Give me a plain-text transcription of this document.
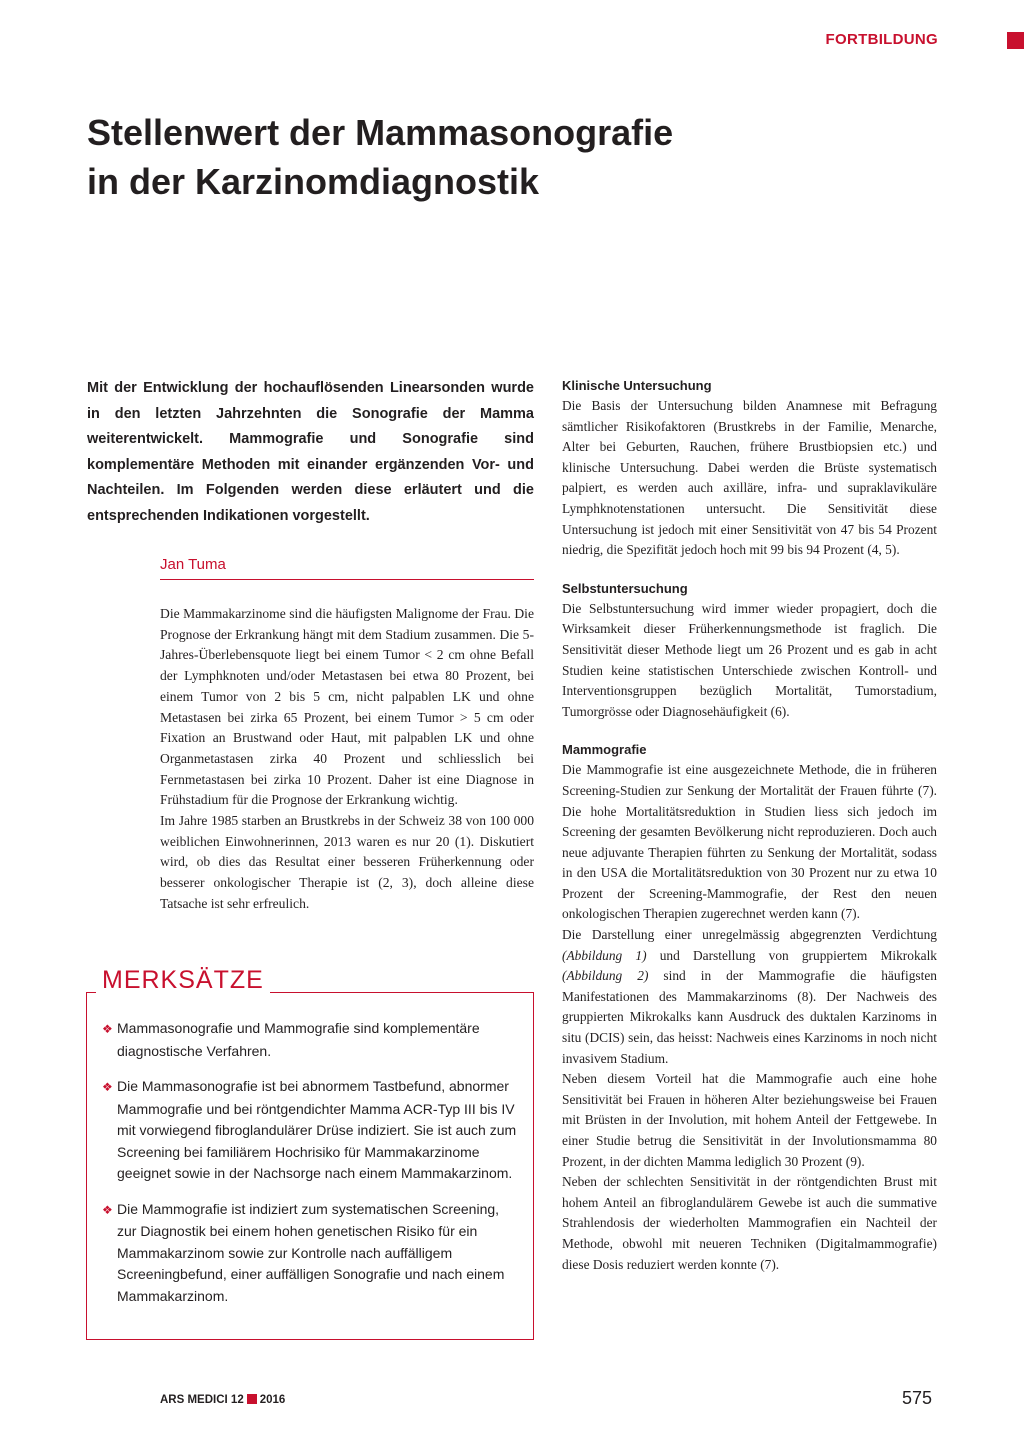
FORTBILDUNG
Stellenwert der Mammasonografie
in der Karzinomdiagnostik

Mit der Entwicklung der hochauflösenden Linearsonden wurde in den letzten Jahrzehnten die Sonografie der Mamma weiterentwickelt. Mammografie und Sonografie sind komplementäre Methoden mit einander ergänzenden Vor- und Nachteilen. Im Folgenden werden diese erläutert und die entsprechenden Indikationen vorgestellt.

Jan Tuma

Die Mammakarzinome sind die häufigsten Malignome der Frau. Die Prognose der Erkrankung hängt mit dem Stadium zusammen. Die 5-Jahres-Überlebensquote liegt bei einem Tumor < 2 cm ohne Befall der Lymphknoten und/oder Metastasen bei etwa 80 Prozent, bei einem Tumor von 2 bis 5 cm, nicht palpablen LK und ohne Metastasen bei zirka 65 Prozent, bei einem Tumor > 5 cm oder Fixation an Brustwand oder Haut, mit palpablen LK und ohne Organmetastasen zirka 40 Prozent und schliesslich bei Fernmetastasen bei zirka 10 Prozent. Daher ist eine Diagnose in Frühstadium für die Prognose der Erkrankung wichtig.

Im Jahre 1985 starben an Brustkrebs in der Schweiz 38 von 100 000 weiblichen Einwohnerinnen, 2013 waren es nur 20 (1). Diskutiert wird, ob dies das Resultat einer besseren Früherkennung oder besserer onkologischer Therapie ist (2, 3), doch alleine diese Tatsache ist sehr erfreulich.

MERKSÄTZE
❖ Mammasonografie und Mammografie sind komplementäre diagnostische Verfahren.
❖ Die Mammasonografie ist bei abnormem Tastbefund, abnormer Mammografie und bei röntgendichter Mamma ACR-Typ III bis IV mit vorwiegend fibroglandulärer Drüse indiziert. Sie ist auch zum Screening bei familiärem Hochrisiko für Mammakarzinome geeignet sowie in der Nachsorge nach einem Mammakarzinom.
❖ Die Mammografie ist indiziert zum systematischen Screening, zur Diagnostik bei einem hohen genetischen Risiko für ein Mammakarzinom sowie zur Kontrolle nach auffälligem Screeningbefund, einer auffälligen Sonografie und nach einem Mammakarzinom.
Klinische Untersuchung

Die Basis der Untersuchung bilden Anamnese mit Befragung sämtlicher Risikofaktoren (Brustkrebs in der Familie, Menarche, Alter bei Geburten, Rauchen, frühere Brustbiopsien etc.) und klinische Untersuchung. Dabei werden die Brüste systematisch palpiert, es werden auch axilläre, infra- und supraklavikuläre Lymphknotenstationen untersucht. Die Sensitivität diese Untersuchung ist jedoch mit einer Sensitivität von 47 bis 54 Prozent niedrig, die Spezifität jedoch hoch mit 99 bis 94 Prozent (4, 5).

Selbstuntersuchung

Die Selbstuntersuchung wird immer wieder propagiert, doch die Wirksamkeit dieser Früherkennungsmethode ist fraglich. Die Sensitivität dieser Methode liegt um 26 Prozent und es gab in acht Studien keine statistischen Unterschiede zwischen Kontroll- und Interventionsgruppen bezüglich Mortalität, Tumorstadium, Tumorgrösse oder Diagnosehäufigkeit (6).

Mammografie

Die Mammografie ist eine ausgezeichnete Methode, die in früheren Screening-Studien zur Senkung der Mortalität der Frauen führte (7). Die hohe Mortalitätsreduktion in Studien liess sich jedoch im Screening der gesamten Bevölkerung nicht reproduzieren. Doch auch neue adjuvante Therapien führten zu Senkung der Mortalität, sodass in den USA die Mortalitätsreduktion von 30 Prozent nur zu etwa 10 Prozent der Screening-Mammografie, der Rest den neuen onkologischen Therapien zugerechnet werden kann (7).

Die Darstellung einer unregelmässig abgegrenzten Verdichtung (Abbildung 1) und Darstellung von gruppiertem Mikrokalk (Abbildung 2) sind in der Mammografie die häufigsten Manifestationen des Mammakarzinoms (8). Der Nachweis des gruppierten Mikrokalks kann Ausdruck des duktalen Karzinoms in situ (DCIS) sein, das heisst: Nachweis eines Karzinoms in noch nicht invasivem Stadium.

Neben diesem Vorteil hat die Mammografie auch eine hohe Sensitivität bei Frauen in höheren Alter beziehungsweise bei Frauen mit Brüsten in der Involution, mit hohem Anteil der Fettgewebe. In einer Studie betrug die Sensitivität in der Involutionsmamma 80 Prozent, in der dichten Mamma lediglich 30 Prozent (9).

Neben der schlechten Sensitivität in der röntgendichten Brust mit hohem Anteil an fibroglandulärem Gewebe ist auch die summative Strahlendosis der wiederholten Mammografien ein Nachteil der Methode, obwohl mit neueren Techniken (Digitalmammografie) diese Dosis reduziert werden konnte (7).

ARS MEDICI 12 2016	575
